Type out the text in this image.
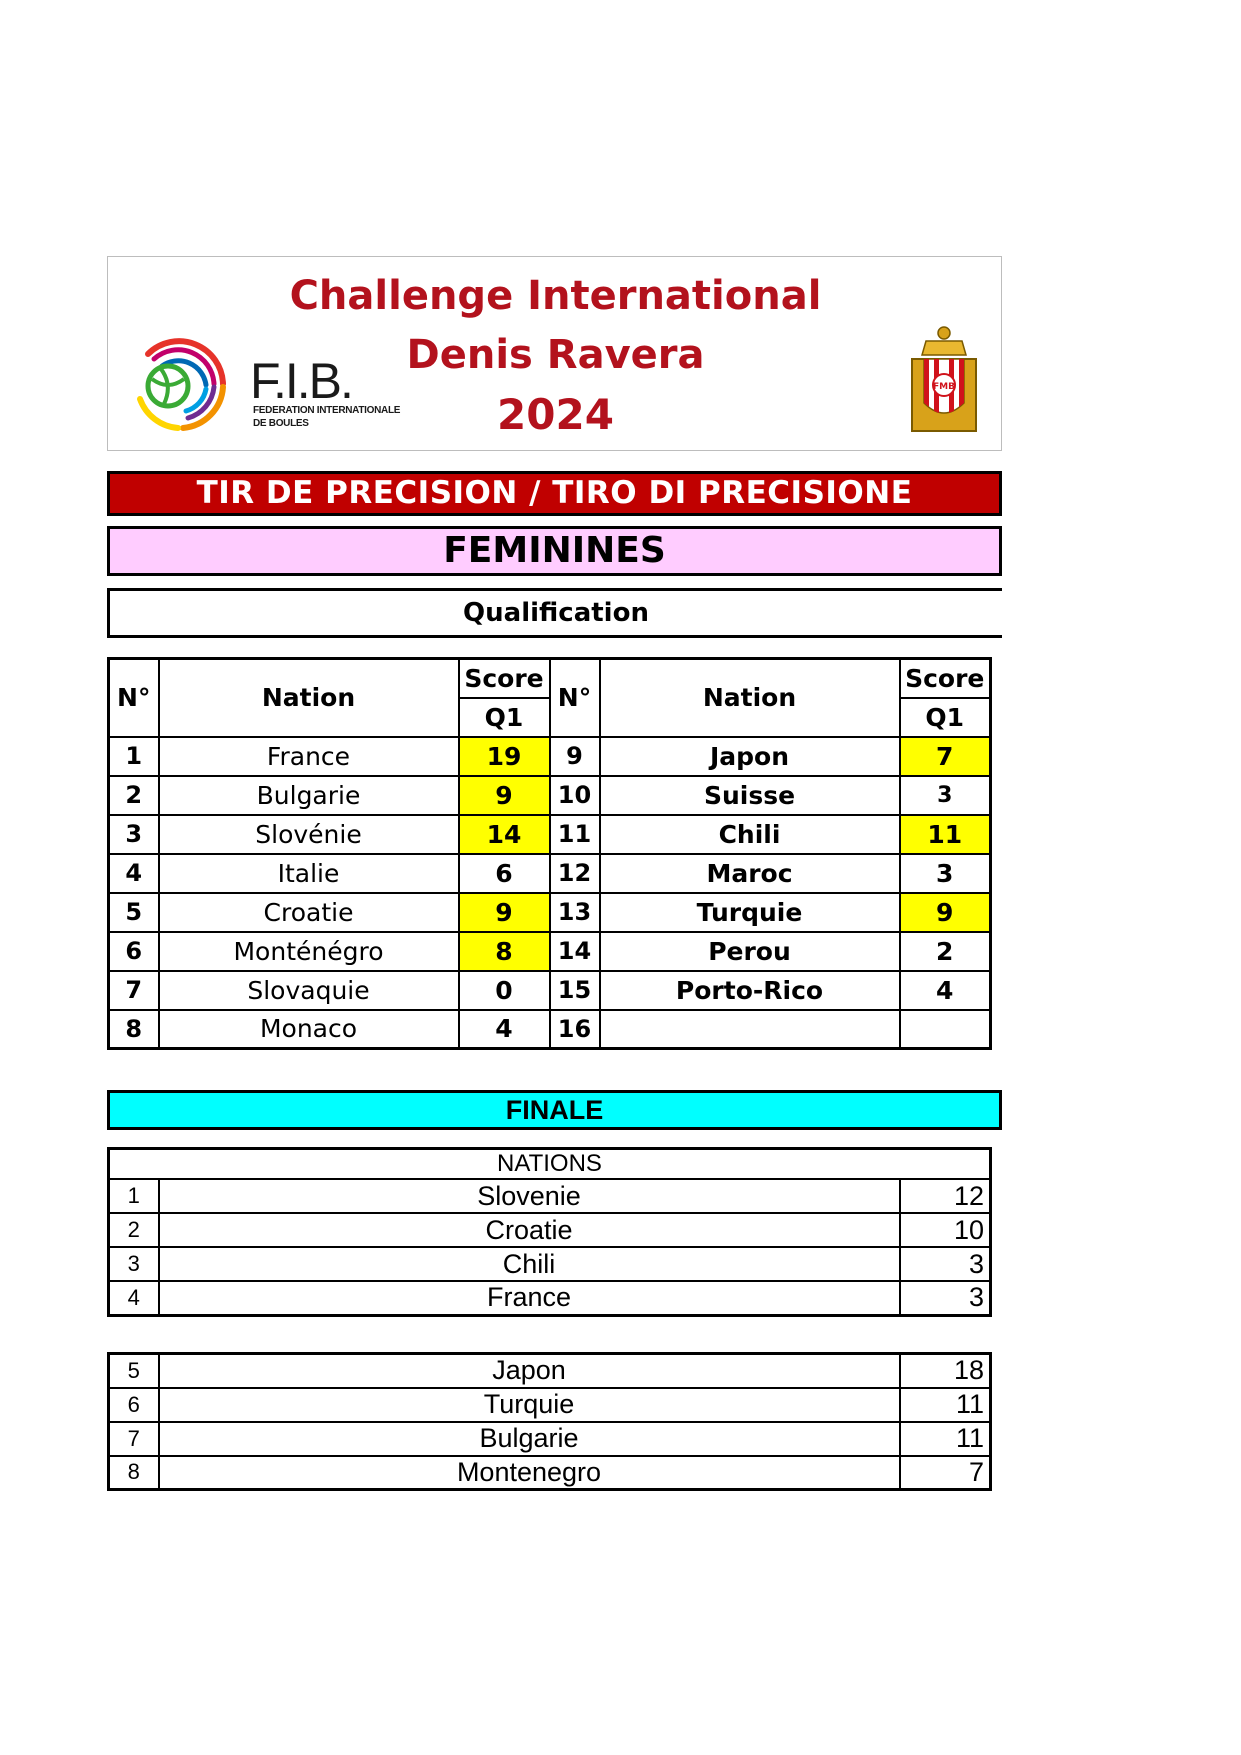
Challenge International
Denis Ravera
2024
F.I.B.
FEDERATION INTERNATIONALE
DE BOULES
FMB
TIR DE PRECISION / TIRO DI PRECISIONE
FEMININES
Qualification
N°	Nation	Score	N°	Nation	Score
		Q1			Q1
1	France	19	9	Japon	7
2	Bulgarie	9	10	Suisse	3
3	Slovénie	14	11	Chili	11
4	Italie	6	12	Maroc	3
5	Croatie	9	13	Turquie	9
6	Monténégro	8	14	Perou	2
7	Slovaquie	0	15	Porto-Rico	4
8	Monaco	4	16		
FINALE
NATIONS		
1	Slovenie	12
2	Croatie	10
3	Chili	3
4	France	3
5	Japon	18
6	Turquie	11
7	Bulgarie	11
8	Montenegro	7
